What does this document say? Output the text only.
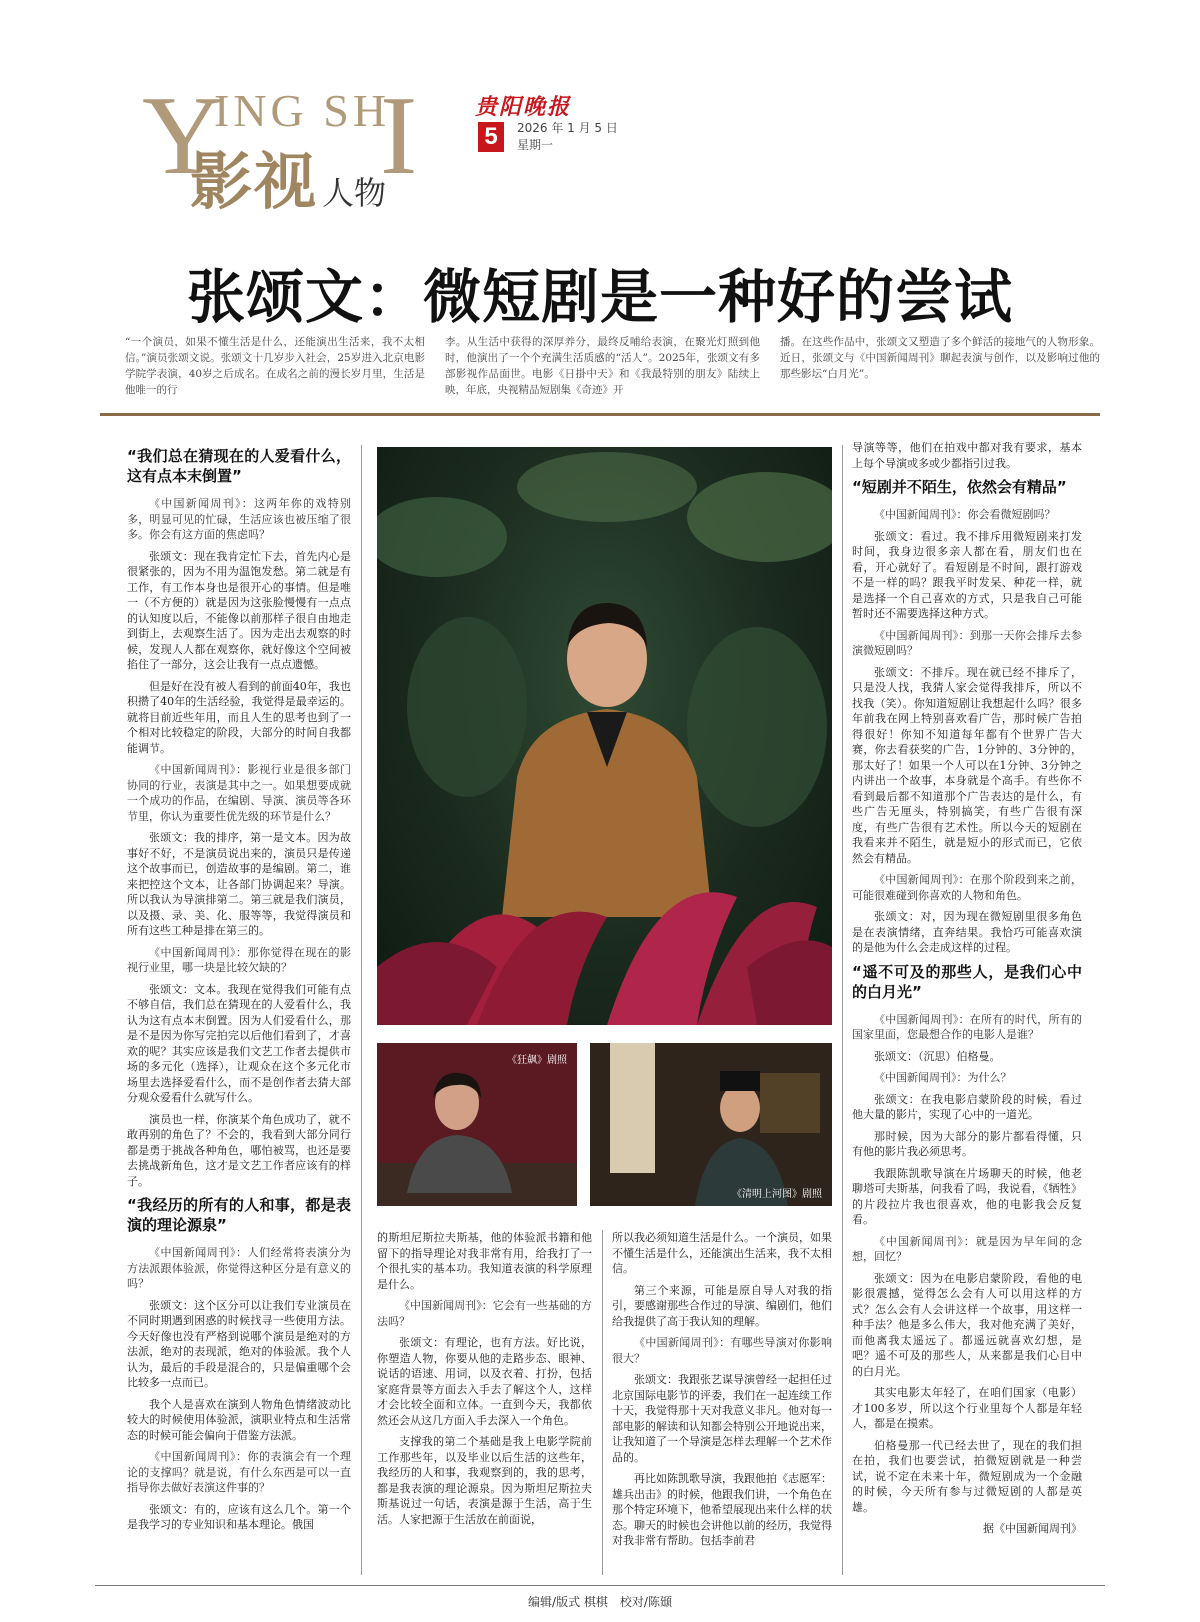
Y
ING SH
I
影视 人物
贵阳晚报
5	2026 年 1 月 5 日
星期一
张颂文：微短剧是一种好的尝试
“一个演员，如果不懂生活是什么，还能演出生活来，我不太相信。”演员张颂文说。张颂文十几岁步入社会，25岁进入北京电影学院学表演，40岁之后成名。在成名之前的漫长岁月里，生活是他唯一的行
李。从生活中获得的深厚养分，最终反哺给表演，在聚光灯照到他时，他演出了一个个充满生活质感的“活人”。2025年，张颂文有多部影视作品面世。电影《日掛中天》和《我最特别的朋友》陆续上映，年底，央视精品短剧集《奇迹》开
播。在这些作品中，张颂文又塑造了多个鲜活的接地气的人物形象。近日，张颂文与《中国新闻周刊》聊起表演与创作，以及影响过他的那些影坛“白月光”。
“我们总在猜现在的人爱看什么，这有点本末倒置”

《中国新闻周刊》：这两年你的戏特别多，明显可见的忙碌，生活应该也被压缩了很多。你会有这方面的焦虑吗？

张颂文：现在我肯定忙下去，首先内心是很紧张的，因为不用为温饱发愁。第二就是有工作，有工作本身也是很开心的事情。但是唯一（不方便的）就是因为这张脸慢慢有一点点的认知度以后，不能像以前那样子很自由地走到街上，去观察生活了。因为走出去观察的时候，发现人人都在观察你，就好像这个空间被掐住了一部分，这会让我有一点点遗憾。

但是好在没有被人看到的前面40年，我也积攒了40年的生活经验，我觉得是最幸运的。就将目前近些年用，而且人生的思考也到了一个相对比较稳定的阶段，大部分的时间自我都能调节。

《中国新闻周刊》：影视行业是很多部门协同的行业，表演是其中之一。如果想要成就一个成功的作品，在编剧、导演、演员等各环节里，你认为重要性优先级的环节是什么？

张颂文：我的排序，第一是文本。因为故事好不好，不是演员说出来的，演员只是传递这个故事而已，创造故事的是编剧。第二，谁来把控这个文本，让各部门协调起来？导演。所以我认为导演排第二。第三就是我们演员，以及摄、录、美、化、服等等，我觉得演员和所有这些工种是排在第三的。

《中国新闻周刊》：那你觉得在现在的影视行业里，哪一块是比较欠缺的？

张颂文：文本。我现在觉得我们可能有点不够自信，我们总在猜现在的人爱看什么，我认为这有点本末倒置。因为人们爱看什么，那是不是因为你写完拍完以后他们看到了，才喜欢的呢？其实应该是我们文艺工作者去提供市场的多元化（选择），让观众在这个多元化市场里去选择爱看什么，而不是创作者去猜大部分观众爱看什么就写什么。

演员也一样，你演某个角色成功了，就不敢再别的角色了？不会的，我看到大部分同行都是勇于挑战各种角色，哪怕被骂，也还是要去挑战新角色，这才是文艺工作者应该有的样子。

“我经历的所有的人和事，都是表演的理论源泉”

《中国新闻周刊》：人们经常将表演分为方法派跟体验派，你觉得这种区分是有意义的吗？

张颂文：这个区分可以让我们专业演员在不同时期遇到困惑的时候找寻一些使用方法。今天好像也没有严格到说哪个演员是绝对的方法派，绝对的表现派，绝对的体验派。我个人认为，最后的手段是混合的，只是偏重哪个会比较多一点而已。

我个人是喜欢在演到人物角色情绪波动比较大的时候使用体验派，演职业特点和生活常态的时候可能会偏向于借鉴方法派。

《中国新闻周刊》：你的表演会有一个理论的支撑吗？就是说，有什么东西是可以一直指导你去做好表演这件事的？

张颂文：有的，应该有这么几个。第一个是我学习的专业知识和基本理论。俄国

《狂飙》剧照
《清明上河图》剧照

的斯坦尼斯拉夫斯基，他的体验派书籍和他留下的指导理论对我非常有用，给我打了一个很扎实的基本功。我知道表演的科学原理是什么。

《中国新闻周刊》：它会有一些基础的方法吗？

张颂文：有理论，也有方法。好比说，你塑造人物，你要从他的走路步态、眼神、说话的语速、用词，以及衣着、打扮，包括家庭背景等方面去入手去了解这个人，这样才会比较全面和立体。一直到今天，我都依然还会从这几方面入手去深入一个角色。

支撑我的第二个基础是我上电影学院前工作那些年，以及毕业以后生活的这些年，我经历的人和事，我观察到的，我的思考，都是我表演的理论源泉。因为斯坦尼斯拉夫斯基说过一句话，表演是源于生活，高于生活。人家把源于生活放在前面说，

所以我必须知道生活是什么。一个演员，如果不懂生活是什么，还能演出生活来，我不太相信。

第三个来源，可能是原自导人对我的指引，要感谢那些合作过的导演、编剧们，他们给我提供了高于我认知的理解。

《中国新闻周刊》：有哪些导演对你影响很大？

张颂文：我跟张艺谋导演曾经一起担任过北京国际电影节的评委，我们在一起连续工作十天，我觉得那十天对我意义非凡。他对每一部电影的解读和认知都会特别公开地说出来，让我知道了一个导演是怎样去理解一个艺术作品的。

再比如陈凯歌导演，我跟他拍《志愿军：雄兵出击》的时候，他跟我们讲，一个角色在那个特定环境下，他希望展现出来什么样的状态。聊天的时候也会讲他以前的经历，我觉得对我非常有帮助。包括李前君

导演等等，他们在拍戏中都对我有要求，基本上每个导演或多或少都指引过我。

“短剧并不陌生，依然会有精品”

《中国新闻周刊》：你会看微短剧吗？

张颂文：看过。我不排斥用微短剧来打发时间，我身边很多亲人都在看，朋友们也在看，开心就好了。看短剧是不时间，跟打游戏不是一样的吗？跟我平时发呆、种花一样，就是选择一个自己喜欢的方式，只是我自己可能暂时还不需要选择这种方式。

《中国新闻周刊》：到那一天你会排斥去参演微短剧吗？

张颂文：不排斥。现在就已经不排斥了，只是没人找，我猜人家会觉得我排斥，所以不找我（笑）。你知道短剧让我想起什么吗？很多年前我在网上特别喜欢看广告，那时候广告拍得很好！你知不知道每年都有个世界广告大赛，你去看获奖的广告，1分钟的、3分钟的，那太好了！如果一个人可以在1分钟、3分钟之内讲出一个故事，本身就是个高手。有些你不看到最后都不知道那个广告表达的是什么，有些广告无厘头，特别搞笑，有些广告很有深度，有些广告很有艺术性。所以今天的短剧在我看来并不陌生，就是短小的形式而已，它依然会有精品。

《中国新闻周刊》：在那个阶段到来之前，可能很难碰到你喜欢的人物和角色。

张颂文：对，因为现在微短剧里很多角色是在表演情绪，直奔结果。我恰巧可能喜欢演的是他为什么会走成这样的过程。

“遥不可及的那些人，是我们心中的白月光”

《中国新闻周刊》：在所有的时代，所有的国家里面，您最想合作的电影人是谁？

张颂文：（沉思）伯格曼。

《中国新闻周刊》：为什么？

张颂文：在我电影启蒙阶段的时候，看过他大量的影片，实现了心中的一道光。

那时候，因为大部分的影片都看得懂，只有他的影片我必须思考。

我跟陈凯歌导演在片场聊天的时候，他老聊塔可夫斯基，问我看了吗，我说看，《牺牲》的片段拉片我也很喜欢，他的电影我会反复看。

《中国新闻周刊》：就是因为早年间的念想，回忆？

张颂文：因为在电影启蒙阶段，看他的电影很震撼，觉得怎么会有人可以用这样的方式？怎么会有人会讲这样一个故事，用这样一种手法？他是多么伟大，我对他充满了美好，而他离我太遥远了。都遥远就喜欢幻想，是吧？遥不可及的那些人，从来都是我们心目中的白月光。

其实电影太年轻了，在咱们国家（电影）才100多岁，所以这个行业里每个人都是年轻人，都是在摸索。

伯格曼那一代已经去世了，现在的我们担在拍，我们也要尝试，拍微短剧就是一种尝试，说不定在未来十年，微短剧成为一个金融的时候，今天所有参与过微短剧的人都是英雄。

据《中国新闻周刊》
编辑/版式 棋棋　校对/陈颋
